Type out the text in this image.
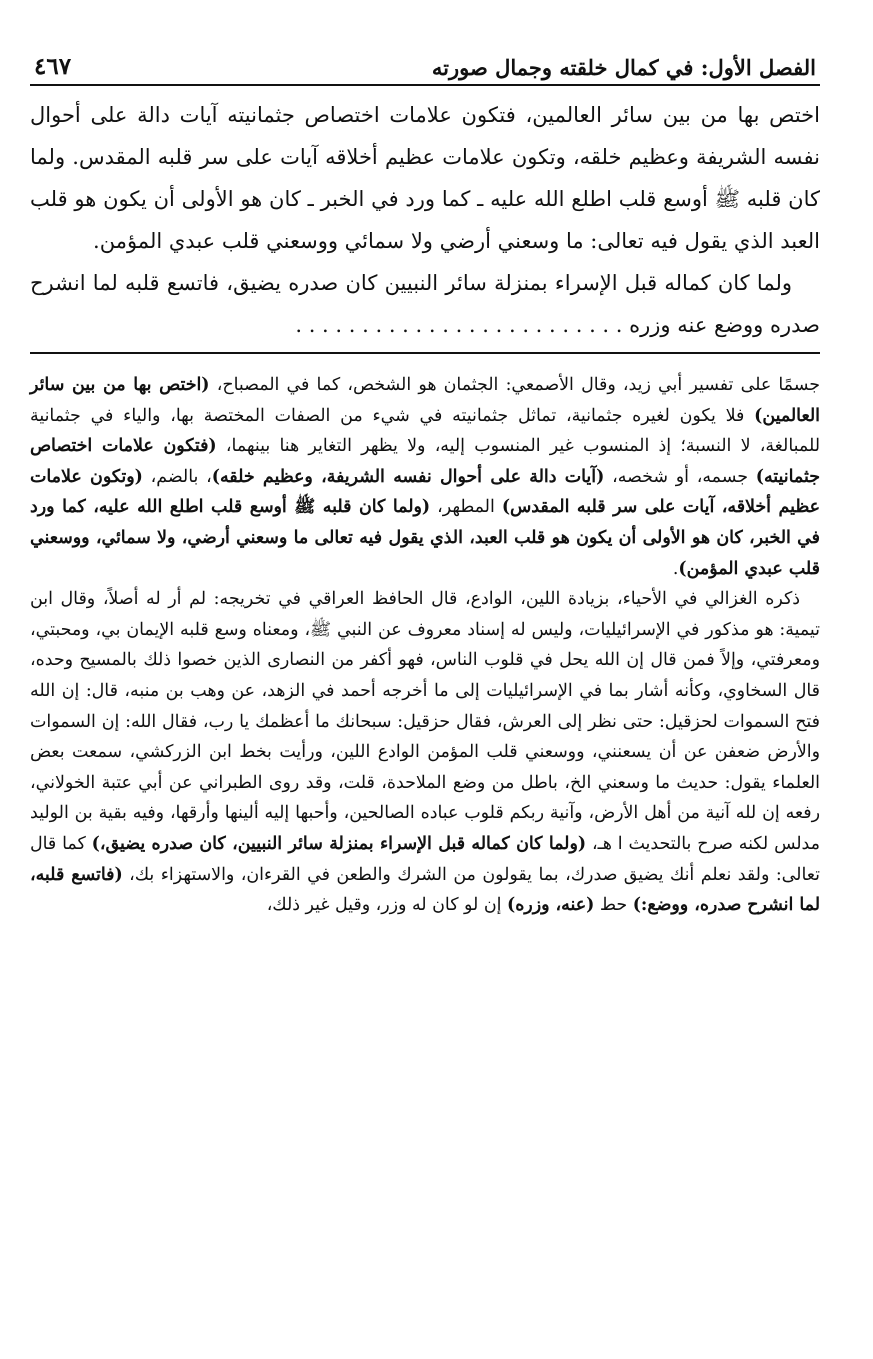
الفصل الأول: في كمال خلقته وجمال صورته
٤٦٧

اختص بها من بين سائر العالمين، فتكون علامات اختصاص جثمانيته آيات دالة على أحوال نفسه الشريفة وعظيم خلقه، وتكون علامات عظيم أخلاقه آيات على سر قلبه المقدس. ولما كان قلبه ﷺ أوسع قلب اطلع الله عليه ـ كما ورد في الخبر ـ كان هو الأولى أن يكون هو قلب العبد الذي يقول فيه تعالى: ما وسعني أرضي ولا سمائي ووسعني قلب عبدي المؤمن.

ولما كان كماله قبل الإسراء بمنزلة سائر النبيين كان صدره يضيق، فاتسع قلبه لما انشرح صدره ووضع عنه وزره . . .

جسمًا على تفسير أبي زيد، وقال الأصمعي: الجثمان هو الشخص، كما في المصباح، (اختص بها من بين سائر العالمين) فلا يكون لغيره جثمانية، تماثل جثمانيته في شيء من الصفات المختصة بها، والياء في جثمانية للمبالغة، لا النسبة؛ إذ المنسوب غير المنسوب إليه، ولا يظهر التغاير هنا بينهما، (فتكون علامات اختصاص جثمانيته) جسمه، أو شخصه، (آيات دالة على أحوال نفسه الشريفة، وعظيم خلقه)، بالضم، (وتكون علامات عظيم أخلاقه، آيات على سر قلبه المقدس) المطهر، (ولما كان قلبه ﷺ أوسع قلب اطلع الله عليه، كما ورد في الخبر، كان هو الأولى أن يكون هو قلب العبد، الذي يقول فيه تعالى ما وسعني أرضي، ولا سمائي، ووسعني قلب عبدي المؤمن).

ذكره الغزالي في الأحياء، بزيادة اللين، الوادع، قال الحافظ العراقي في تخريجه: لم أر له أصلاً، وقال ابن تيمية: هو مذكور في الإسرائيليات، وليس له إسناد معروف عن النبي ﷺ، ومعناه وسع قلبه الإيمان بي، ومحبتي، ومعرفتي، وإلاً فمن قال إن الله يحل في قلوب الناس، فهو أكفر من النصارى الذين خصوا ذلك بالمسيح وحده، قال السخاوي، وكأنه أشار بما في الإسرائيليات إلى ما أخرجه أحمد في الزهد، عن وهب بن منبه، قال: إن الله فتح السموات لحزقيل: حتى نظر إلى العرش، فقال حزقيل: سبحانك ما أعظمك يا رب، فقال الله: إن السموات والأرض ضعفن عن أن يسعنني، ووسعني قلب المؤمن الوادع اللين، ورأيت بخط ابن الزركشي، سمعت بعض العلماء يقول: حديث ما وسعني الخ، باطل من وضع الملاحدة، قلت، وقد روى الطبراني عن أبي عتبة الخولاني، رفعه إن لله آنية من أهل الأرض، وآنية ربكم قلوب عباده الصالحين، وأحبها إليه ألينها وأرقها، وفيه بقية بن الوليد مدلس لكنه صرح بالتحديث ا هـ، (ولما كان كماله قبل الإسراء بمنزلة سائر النبيين، كان صدره يضيق،) كما قال تعالى: ولقد نعلم أنك يضيق صدرك، بما يقولون من الشرك والطعن في القرءان، والاستهزاء بك، (فاتسع قلبه، لما انشرح صدره، ووضع:) حط (عنه، وزره) إن لو كان له وزر، وقيل غير ذلك،
